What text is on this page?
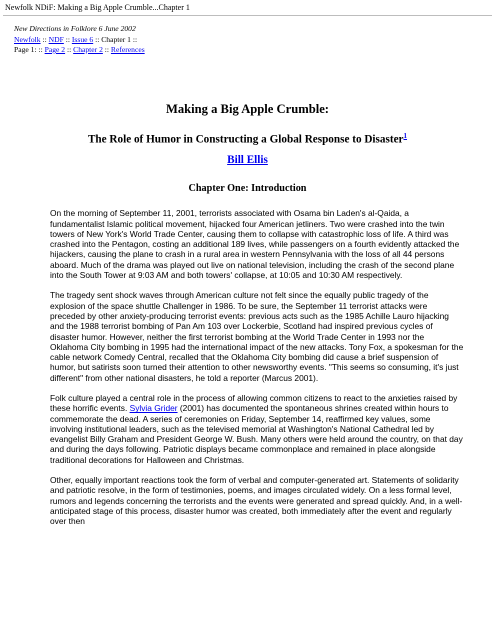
Newfolk NDiF: Making a Big Apple Crumble...Chapter 1
New Directions in Folklore 6 June 2002
Newfolk :: NDF :: Issue 6 :: Chapter 1 ::
Page 1: :: Page 2 :: Chapter 2 :: References
Making a Big Apple Crumble:
The Role of Humor in Constructing a Global Response to Disaster$^1$
Bill Ellis
Chapter One: Introduction

On the morning of September 11, 2001, terrorists associated with Osama bin Laden's al-Qaida, a fundamentalist Islamic political movement, hijacked four American jetliners. Two were crashed into the twin towers of New York's World Trade Center, causing them to collapse with catastrophic loss of life. A third was crashed into the Pentagon, costing an additional 189 lives, while passengers on a fourth evidently attacked the hijackers, causing the plane to crash in a rural area in western Pennsylvania with the loss of all 44 persons aboard. Much of the drama was played out live on national television, including the crash of the second plane into the South Tower at 9:03 AM and both towers' collapse, at 10:05 and 10:30 AM respectively.

The tragedy sent shock waves through American culture not felt since the equally public tragedy of the explosion of the space shuttle Challenger in 1986. To be sure, the September 11 terrorist attacks were preceded by other anxiety-producing terrorist events: previous acts such as the 1985 Achille Lauro hijacking and the 1988 terrorist bombing of Pan Am 103 over Lockerbie, Scotland had inspired previous cycles of disaster humor. However, neither the first terrorist bombing at the World Trade Center in 1993 nor the Oklahoma City bombing in 1995 had the international impact of the new attacks. Tony Fox, a spokesman for the cable network Comedy Central, recalled that the Oklahoma City bombing did cause a brief suspension of humor, but satirists soon turned their attention to other newsworthy events. "This seems so consuming, it's just different" from other national disasters, he told a reporter (Marcus 2001).

Folk culture played a central role in the process of allowing common citizens to react to the anxieties raised by these horrific events. Sylvia Grider (2001) has documented the spontaneous shrines created within hours to commemorate the dead. A series of ceremonies on Friday, September 14, reaffirmed key values, some involving institutional leaders, such as the televised memorial at Washington's National Cathedral led by evangelist Billy Graham and President George W. Bush. Many others were held around the country, on that day and during the days following. Patriotic displays became commonplace and remained in place alongside traditional decorations for Halloween and Christmas.

Other, equally important reactions took the form of verbal and computer-generated art. Statements of solidarity and patriotic resolve, in the form of testimonies, poems, and images circulated widely. On a less formal level, rumors and legends concerning the terrorists and the events were generated and spread quickly. And, in a well-anticipated stage of this process, disaster humor was created, both immediately after the event and regularly over then
